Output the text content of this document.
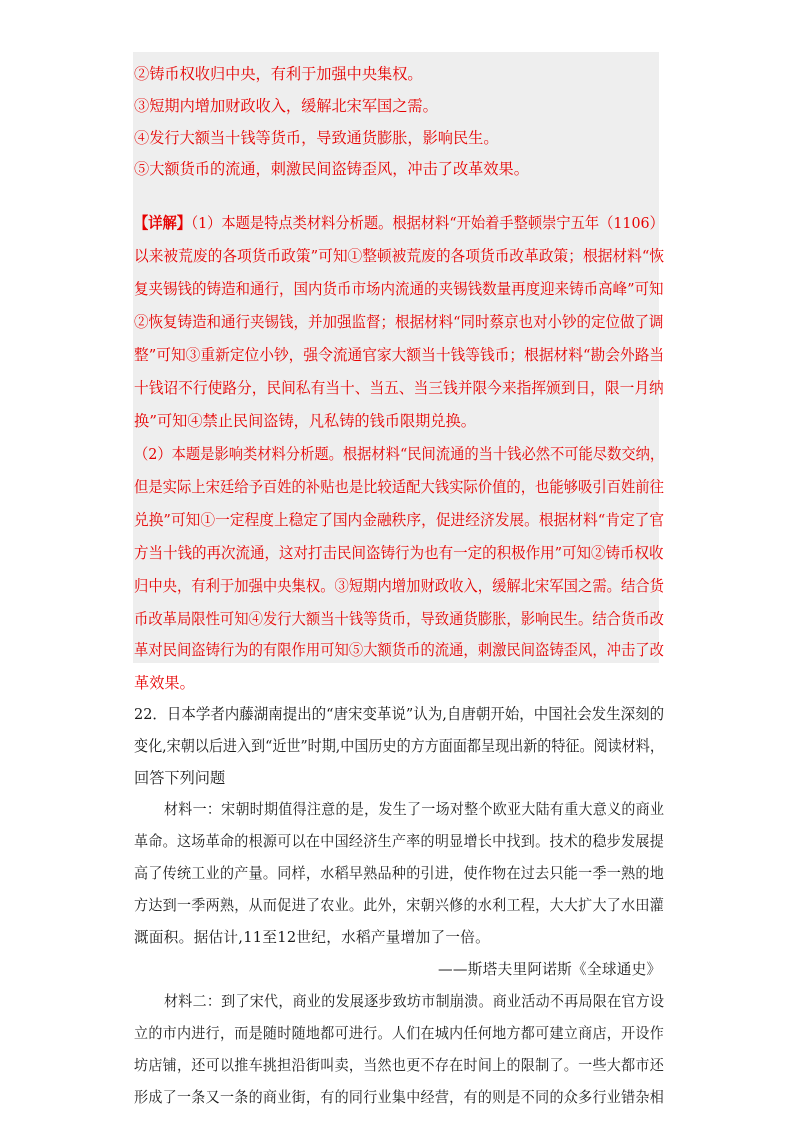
②铸币权收归中央，有利于加强中央集权。
③短期内增加财政收入，缓解北宋军国之需。
④发行大额当十钱等货币，导致通货膨胀，影响民生。
⑤大额货币的流通，刺激民间盗铸歪风，冲击了改革效果。
【详解】（1）本题是特点类材料分析题。根据材料“开始着手整顿崇宁五年（1106）
以来被荒废的各项货币政策”可知①整顿被荒废的各项货币改革政策；根据材料“恢
复夹锡钱的铸造和通行，国内货币市场内流通的夹锡钱数量再度迎来铸币高峰”可知
②恢复铸造和通行夹锡钱，并加强监督；根据材料“同时蔡京也对小钞的定位做了调
整”可知③重新定位小钞，强令流通官家大额当十钱等钱币；根据材料“勘会外路当
十钱诏不行使路分，民间私有当十、当五、当三钱并限今来指挥颁到日，限一月纳
换”可知④禁止民间盗铸，凡私铸的钱币限期兑换。
（2）本题是影响类材料分析题。根据材料“民间流通的当十钱必然不可能尽数交纳，
但是实际上宋廷给予百姓的补贴也是比较适配大钱实际价值的，也能够吸引百姓前往
兑换”可知①一定程度上稳定了国内金融秩序，促进经济发展。根据材料“肯定了官
方当十钱的再次流通，这对打击民间盗铸行为也有一定的积极作用”可知②铸币权收
归中央，有利于加强中央集权。③短期内增加财政收入，缓解北宋军国之需。结合货
币改革局限性可知④发行大额当十钱等货币，导致通货膨胀，影响民生。结合货币改
革对民间盗铸行为的有限作用可知⑤大额货币的流通，刺激民间盗铸歪风，冲击了改
革效果。
22．日本学者内藤湖南提出的“唐宋变革说”认为,自唐朝开始，中国社会发生深刻的
变化,宋朝以后进入到“近世”时期,中国历史的方方面面都呈现出新的特征。阅读材料，
回答下列问题
材料一：宋朝时期值得注意的是，发生了一场对整个欧亚大陆有重大意义的商业
革命。这场革命的根源可以在中国经济生产率的明显增长中找到。技术的稳步发展提
高了传统工业的产量。同样，水稻早熟品种的引进，使作物在过去只能一季一熟的地
方达到一季两熟，从而促进了农业。此外，宋朝兴修的水利工程，大大扩大了水田灌
溉面积。据估计,11至12世纪，水稻产量增加了一倍。
——斯塔夫里阿诺斯《全球通史》
材料二：到了宋代，商业的发展逐步致坊市制崩溃。商业活动不再局限在官方设
立的市内进行，而是随时随地都可进行。人们在城内任何地方都可建立商店，开设作
坊店铺，还可以推车挑担沿街叫卖，当然也更不存在时间上的限制了。一些大都市还
形成了一条又一条的商业街，有的同行业集中经营，有的则是不同的众多行业错杂相
